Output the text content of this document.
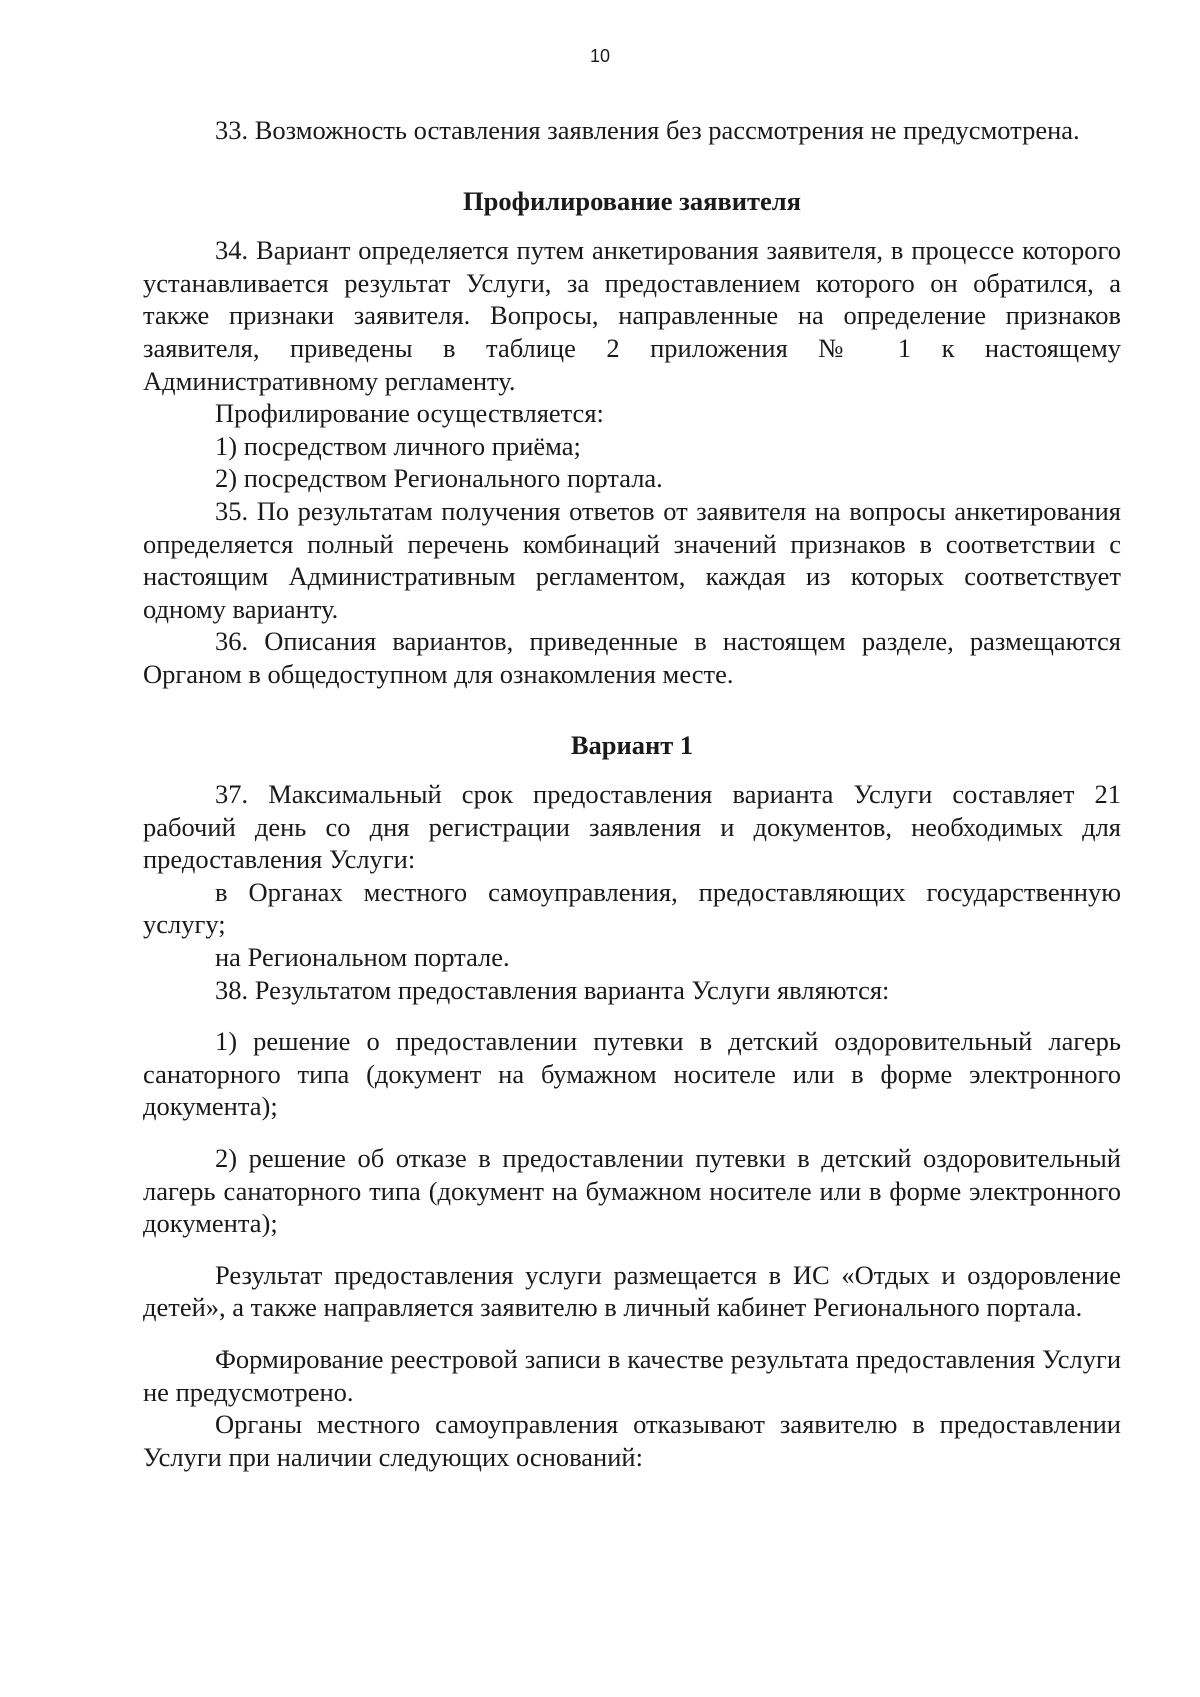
10

33. Возможность оставления заявления без рассмотрения не предусмотрена.

Профилирование заявителя

34. Вариант определяется путем анкетирования заявителя, в процессе которого устанавливается результат Услуги, за предоставлением которого он обратился, а также признаки заявителя. Вопросы, направленные на определение признаков заявителя, приведены в таблице 2 приложения № 1 к настоящему Административному регламенту.

Профилирование осуществляется:

1) посредством личного приёма;

2) посредством Регионального портала.

35. По результатам получения ответов от заявителя на вопросы анкетирования определяется полный перечень комбинаций значений признаков в соответствии с настоящим Административным регламентом, каждая из которых соответствует одному варианту.

36. Описания вариантов, приведенные в настоящем разделе, размещаются Органом в общедоступном для ознакомления месте.

Вариант 1

37. Максимальный срок предоставления варианта Услуги составляет 21 рабочий день со дня регистрации заявления и документов, необходимых для предоставления Услуги:

в Органах местного самоуправления, предоставляющих государственную услугу;

на Региональном портале.

38. Результатом предоставления варианта Услуги являются:

1) решение о предоставлении путевки в детский оздоровительный лагерь санаторного типа (документ на бумажном носителе или в форме электронного документа);

2) решение об отказе в предоставлении путевки в детский оздоровительный лагерь санаторного типа (документ на бумажном носителе или в форме электронного документа);

Результат предоставления услуги размещается в ИС «Отдых и оздоровление детей», а также направляется заявителю в личный кабинет Регионального портала.

Формирование реестровой записи в качестве результата предоставления Услуги не предусмотрено.

Органы местного самоуправления отказывают заявителю в предоставлении Услуги при наличии следующих оснований:
